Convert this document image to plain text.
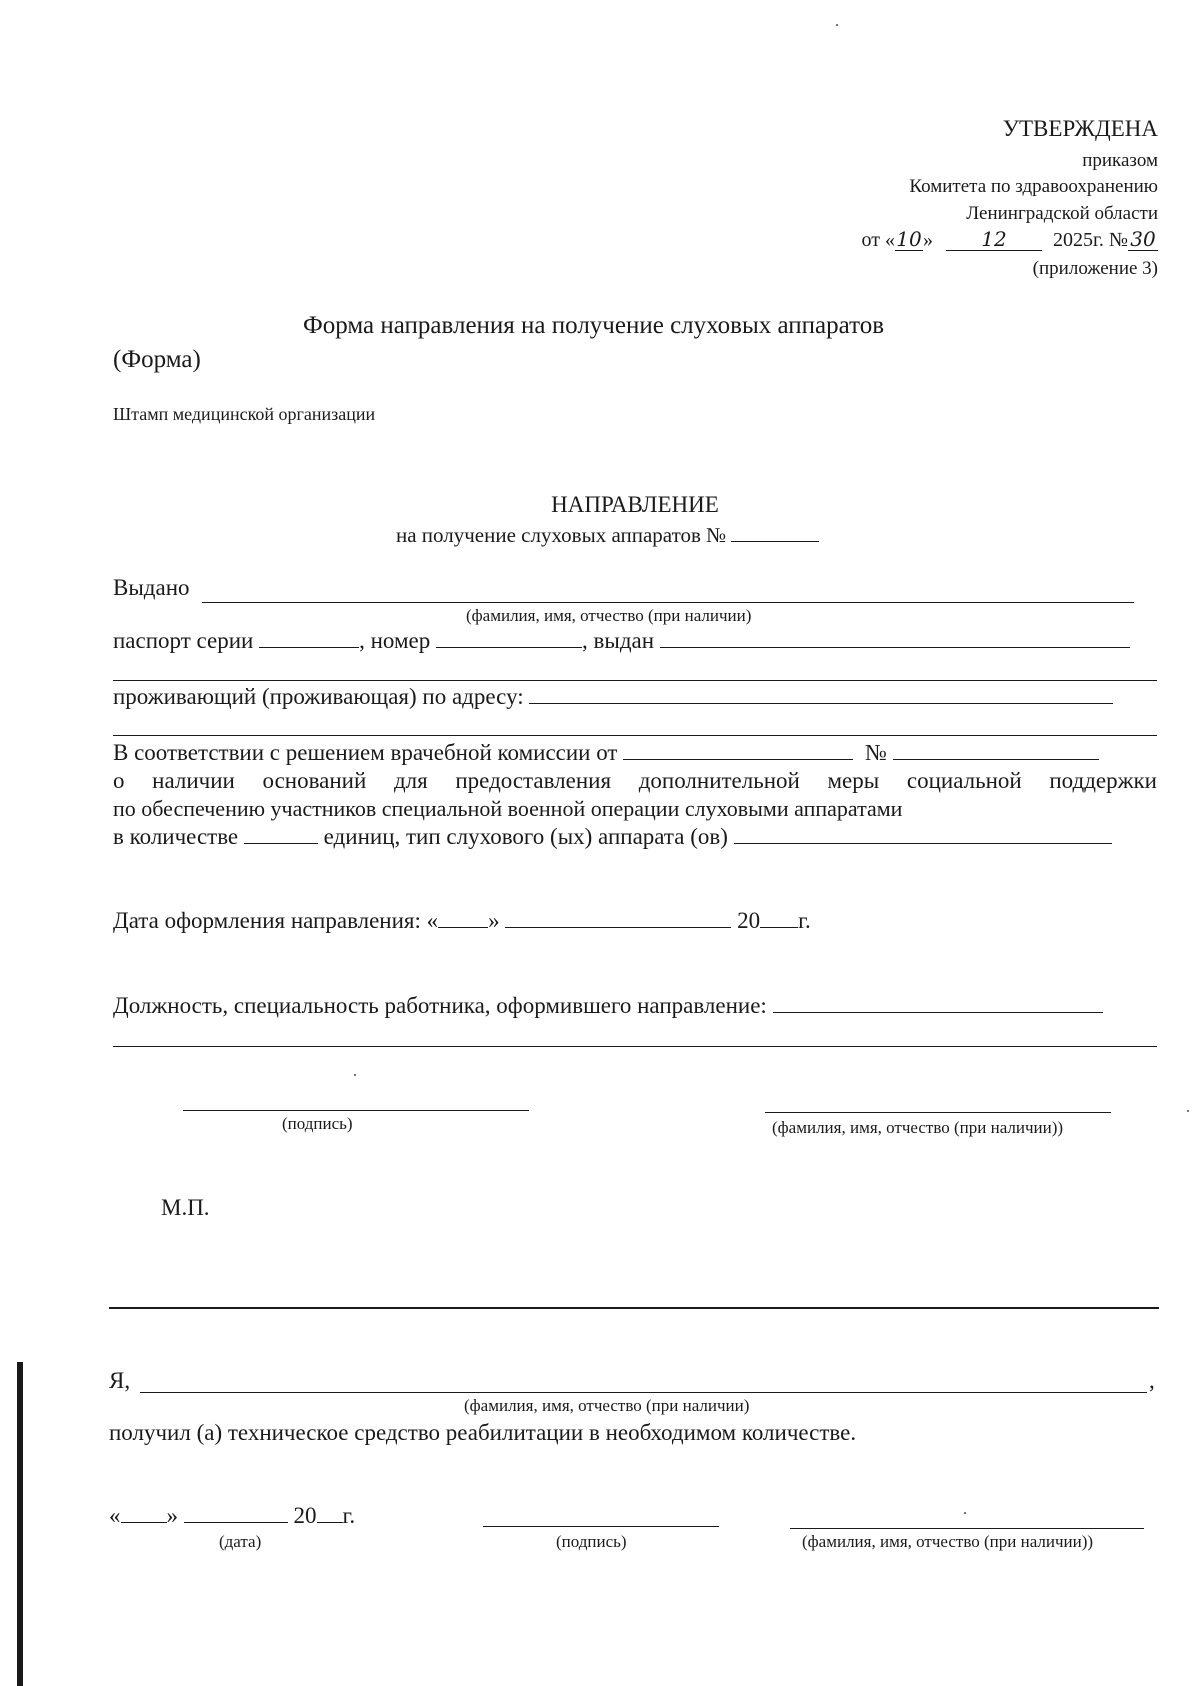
УТВЕРЖДЕНА
приказом
Комитета по здравоохранению
Ленинградской области
от «10» 12 2025г. № 30
(приложение 3)
Форма направления на получение слуховых аппаратов
(Форма)
Штамп медицинской организации
НАПРАВЛЕНИЕ
на получение слуховых аппаратов №
Выдано
(фамилия, имя, отчество (при наличии)
паспорт серии	, номер	, выдан
проживающий (проживающая) по адресу:
В соответствии с решением врачебной комиссии от	№
о наличии оснований для предоставления дополнительной меры социальной поддержки
по обеспечению участников специальной военной операции слуховыми аппаратами
в количестве	единиц, тип слухового (ых) аппарата (ов)
Дата оформления направления: « »	20 г.
Должность, специальность работника, оформившего направление:
(подпись)	(фамилия, имя, отчество (при наличии))
М.П.
Я,	,
(фамилия, имя, отчество (при наличии)
получил (а) техническое средство реабилитации в необходимом количестве.
« »	20 г.
(дата)	(подпись)	(фамилия, имя, отчество (при наличии))
